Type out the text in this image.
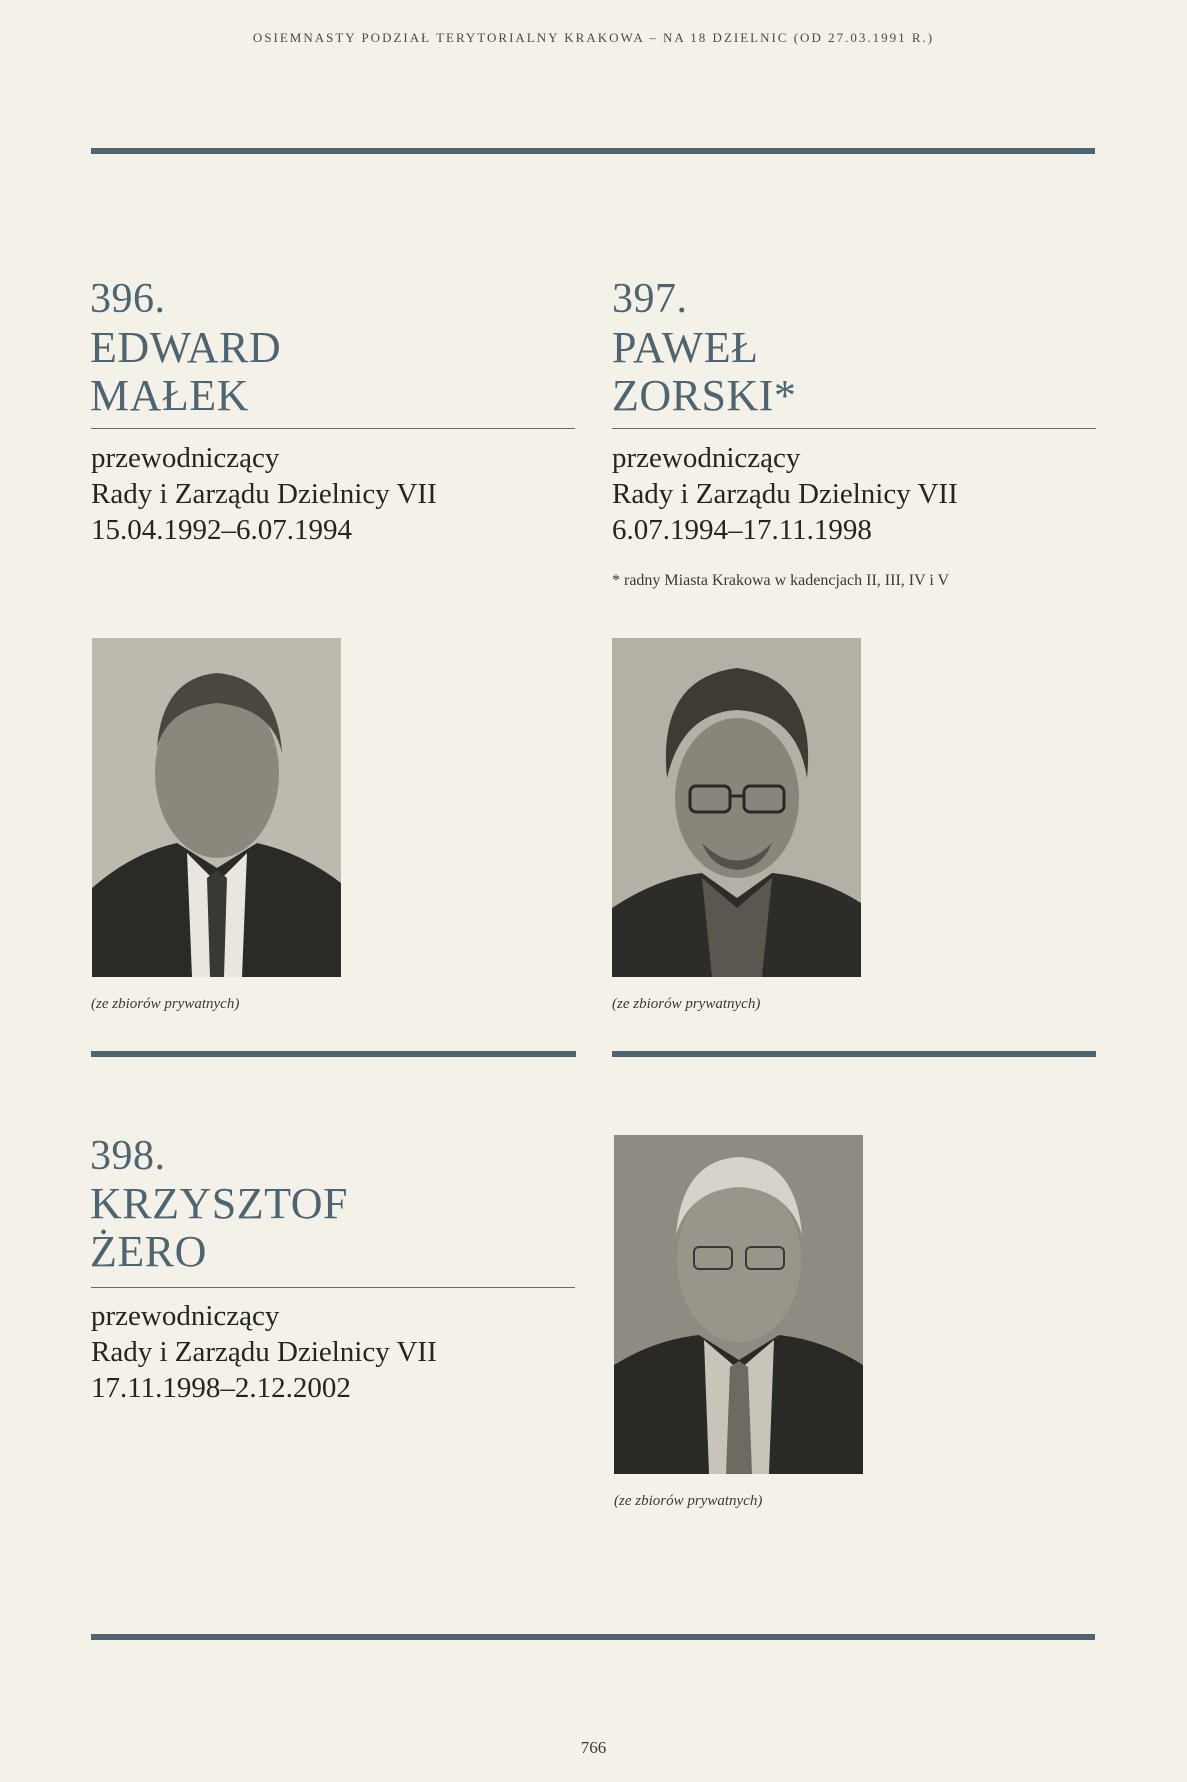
OSIEMNASTY PODZIAŁ TERYTORIALNY KRAKOWA – NA 18 DZIELNIC (OD 27.03.1991 R.)
396.
EDWARD
MAŁEK
przewodniczący
Rady i Zarządu Dzielnicy VII
15.04.1992–6.07.1994
(ze zbiorów prywatnych)
397.
PAWEŁ
ZORSKI*
przewodniczący
Rady i Zarządu Dzielnicy VII
6.07.1994–17.11.1998
* radny Miasta Krakowa w kadencjach II, III, IV i V
(ze zbiorów prywatnych)
398.
KRZYSZTOF
ŻERO
przewodniczący
Rady i Zarządu Dzielnicy VII
17.11.1998–2.12.2002
(ze zbiorów prywatnych)
766
